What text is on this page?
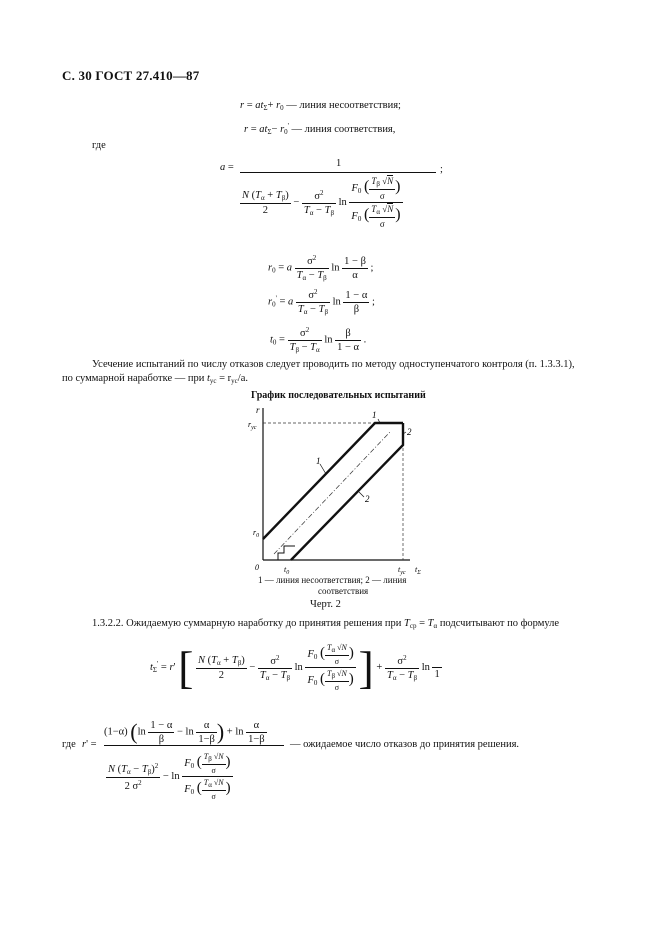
С. 30 ГОСТ 27.410—87
$r = at_\Sigma+ r_0$ — линия несоответствия;
$r = at_\Sigma- r_0'$ — линия соответствия,
где
a =	1
;
$\frac{N (T_\alpha + T_\beta)}{2} - \frac{\sigma^2}{T_\alpha - T_\beta}$ $\ln \frac{F_0 ( \frac{T_\beta √N}{\sigma} )}{F_0 ( \frac{T_\alpha √N}{\sigma} )}$
$r_0 = a \frac{\sigma^2}{T_\alpha - T_\beta}$ $\ln \frac{1 - \beta}{\alpha}$ ;
$r_0' = a \frac{\sigma^2}{T_\alpha - T_\beta}$ $\ln \frac{1 - \alpha}{\beta}$ ;
$t_0 = \frac{\sigma^2}{T_\beta - T_\alpha}$ $\ln \frac{\beta}{1 - \alpha}$ .
Усечение испытаний по числу отказов следует проводить по методу одноступенчатого контроля (п. 1.3.3.1),
по суммарной наработке — при $t_{ус} = r_{ус}/a$.
График последовательных испытаний
r
$r_{ус}$
$r_0$
0	$t_0$	$t_{ус}$ $t_\Sigma$
1
2
1
2
1 — линия несоответствия; 2 — линия
соответствия
Черт. 2
1.3.2.2. Ожидаемую суммарную наработку до принятия решения при $T_{ср} = T_\alpha$ подсчитывают по формуле
$t_\Sigma' = r'$ [ $\frac{N (T_\alpha + T_\beta)}{2} - \frac{\sigma^2}{T_\alpha - T_\beta}$ $\ln \frac{F_0 ( \frac{T\alpha √N}{\sigma} )}{F_0 ( \frac{T\beta √N}{\sigma} )}$ ] + $\frac{\sigma^2}{T_\alpha - T_\beta}$ ln

1
где r' =
(1−α) ($\ln \frac{1 - \alpha}{\beta} - \ln \frac{\alpha}{1-\beta}$ ) + $\ln \frac{\alpha}{1-\beta}$
$\frac{N (T_\alpha - T_\beta)^2}{2 \sigma^2} - \ln \frac{F_0 ( \frac{T\beta √N}{\sigma} )}{F_0 ( \frac{T\alpha √N}{\sigma} )}$
— ожидаемое число отказов до принятия решения.
